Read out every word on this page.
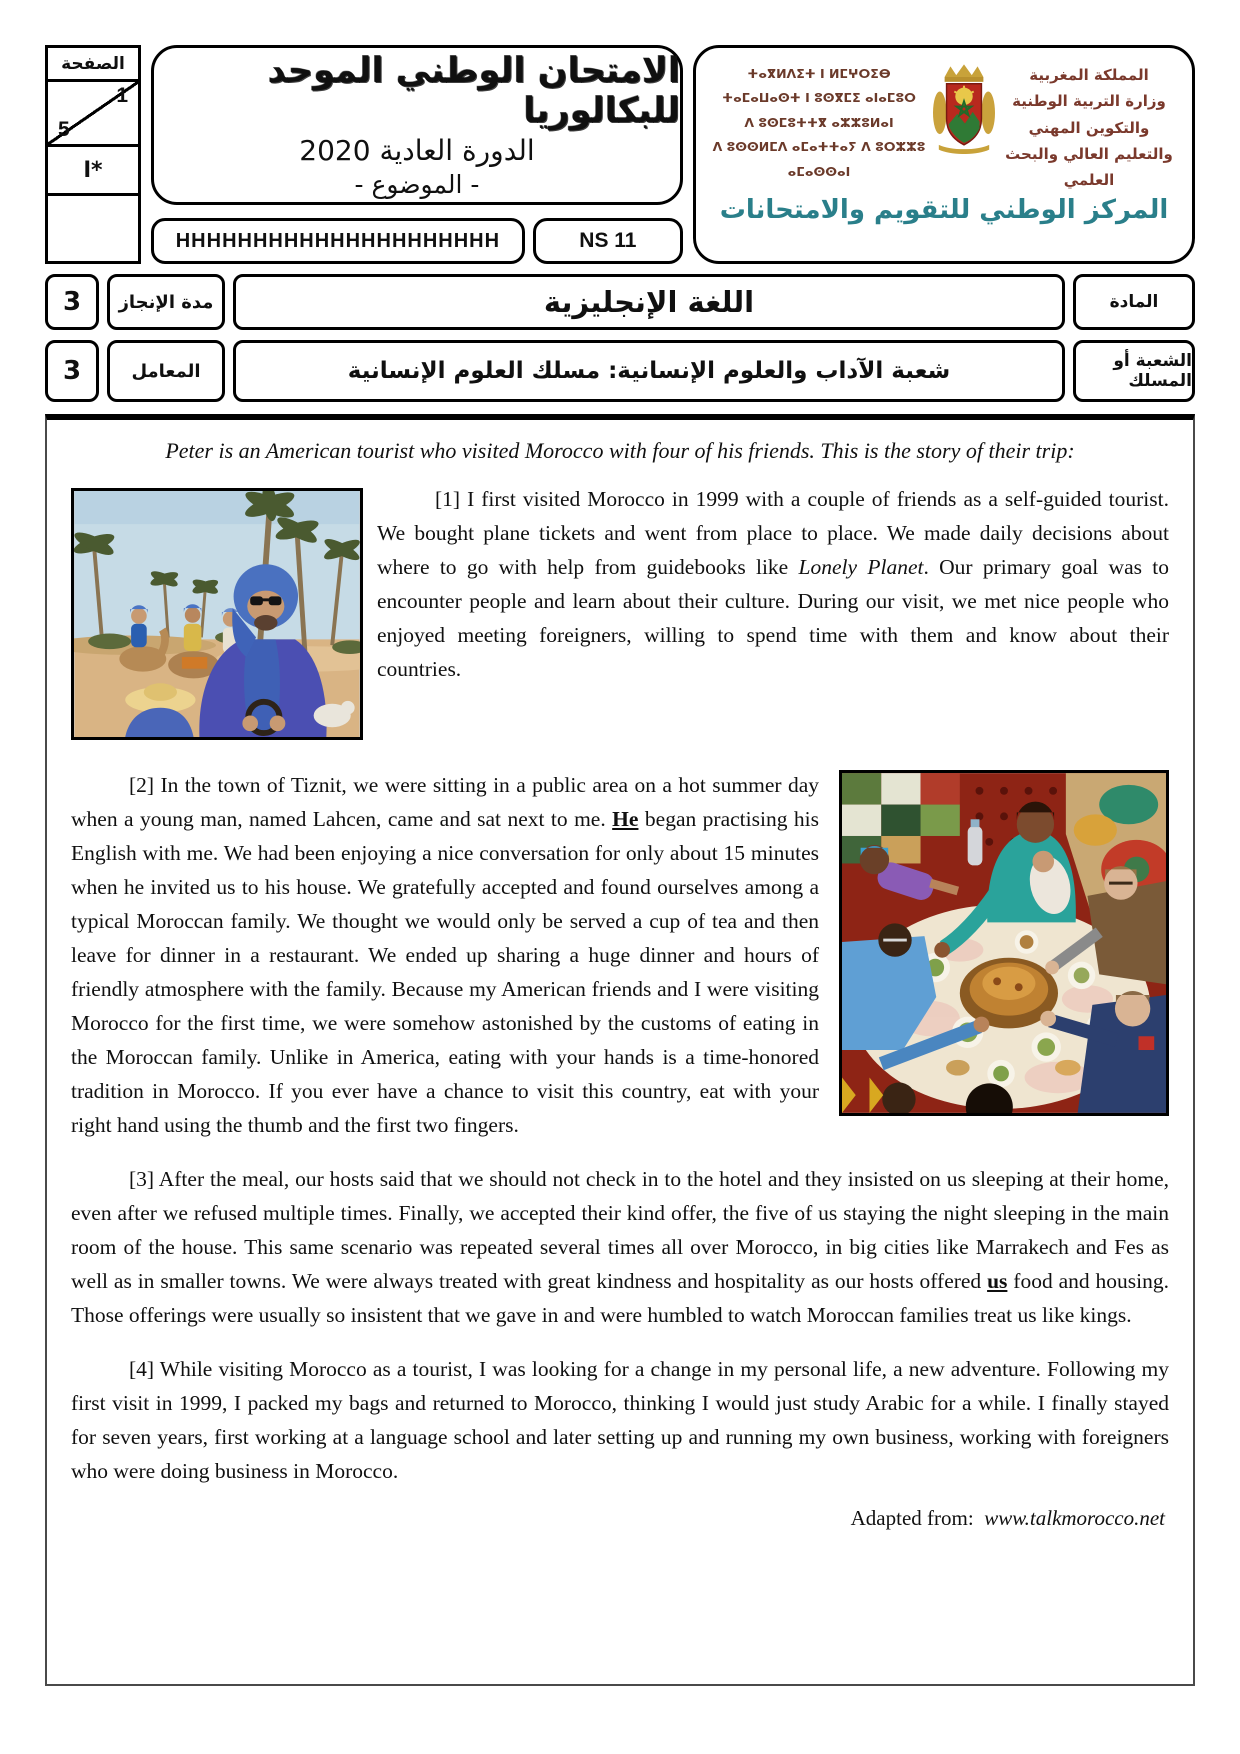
الصفحة
1
5
ا*
الامتحان الوطني الموحد للبكالوريا
الدورة العادية 2020
- الموضوع -
HHHHHHHHHHHHHHHHHHHHH	NS 11
ⵜⴰⴳⵍⴷⵉⵜ ⵏ ⵍⵎⵖⵔⵉⴱ
ⵜⴰⵎⴰⵡⴰⵙⵜ ⵏ ⵓⵙⴳⵎⵉ ⴰⵏⴰⵎⵓⵔ
ⴷ ⵓⵙⵎⵓⵜⵜⴳ ⴰⵣⵣⵓⵍⴰⵏ
ⴷ ⵓⵙⵙⵍⵎⴷ ⴰⵎⴰⵜⵜⴰⵢ ⴷ ⵓⵔⵣⵣⵓ ⴰⵎⴰⵙⵙⴰⵏ
المملكة المغربية
وزارة التربية الوطنية
والتكوين المهني
والتعليم العالي والبحث العلمي
المركز الوطني للتقويم والامتحانات
3	مدة الإنجاز	اللغة الإنجليزية	المادة
3	المعامل	شعبة الآداب والعلوم الإنسانية: مسلك العلوم الإنسانية	الشعبة أو المسلك

Peter is an American tourist who visited Morocco with four of his friends. This is the story of their trip:

[1] I first visited Morocco in 1999 with a couple of friends as a self-guided tourist. We bought plane tickets and went from place to place. We made daily decisions about where to go with help from guidebooks like Lonely Planet. Our primary goal was to encounter people and learn about their culture. During our visit, we met nice people who enjoyed meeting foreigners, willing to spend time with them and know about their countries.

[2] In the town of Tiznit, we were sitting in a public area on a hot summer day when a young man, named Lahcen, came and sat next to me. He began practising his English with me. We had been enjoying a nice conversation for only about 15 minutes when he invited us to his house. We gratefully accepted and found ourselves among a typical Moroccan family. We thought we would only be served a cup of tea and then leave for dinner in a restaurant. We ended up sharing a huge dinner and hours of friendly atmosphere with the family. Because my American friends and I were visiting Morocco for the first time, we were somehow astonished by the customs of eating in the Moroccan family. Unlike in America, eating with your hands is a time-honored tradition in Morocco. If you ever have a chance to visit this country, eat with your right hand using the thumb and the first two fingers.

[3] After the meal, our hosts said that we should not check in to the hotel and they insisted on us sleeping at their home, even after we refused multiple times. Finally, we accepted their kind offer, the five of us staying the night sleeping in the main room of the house. This same scenario was repeated several times all over Morocco, in big cities like Marrakech and Fes as well as in smaller towns. We were always treated with great kindness and hospitality as our hosts offered us food and housing. Those offerings were usually so insistent that we gave in and were humbled to watch Moroccan families treat us like kings.

[4] While visiting Morocco as a tourist, I was looking for a change in my personal life, a new adventure. Following my first visit in 1999, I packed my bags and returned to Morocco, thinking I would just study Arabic for a while. I finally stayed for seven years, first working at a language school and later setting up and running my own business, working with foreigners who were doing business in Morocco.

Adapted from: www.talkmorocco.net
